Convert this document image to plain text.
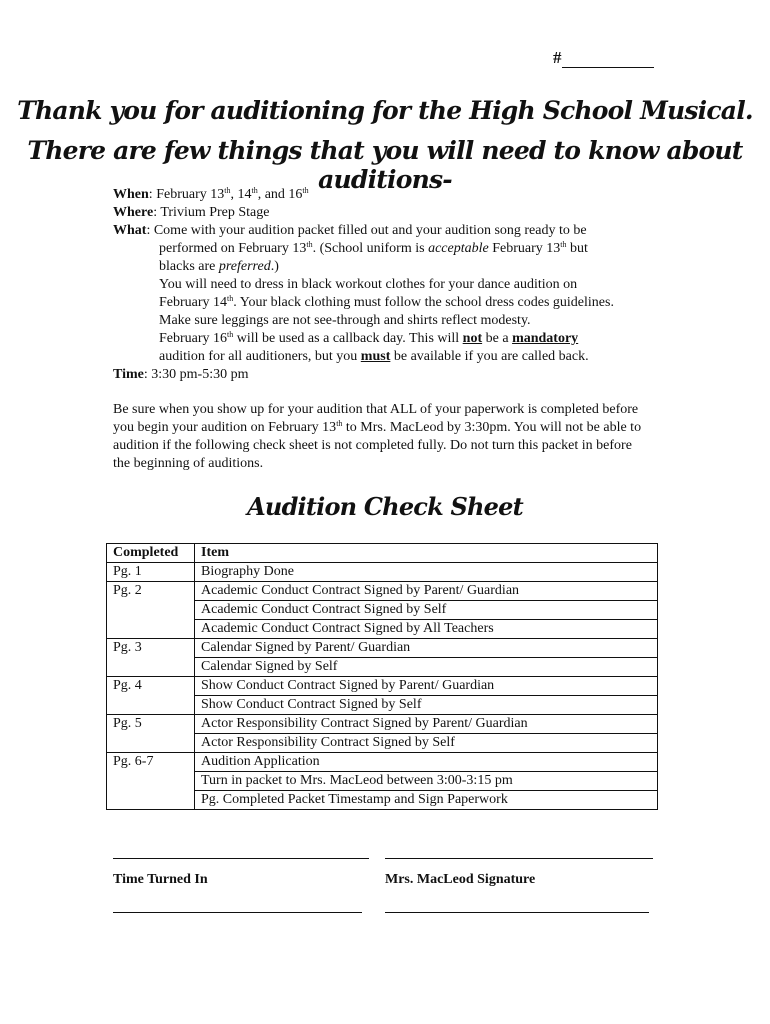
#
Thank you for auditioning for the High School Musical.
There are few things that you will need to know about auditions-

When: February 13th, 14th, and 16th

Where: Trivium Prep Stage

What: Come with your audition packet filled out and your audition song ready to be

performed on February 13th. (School uniform is acceptable February 13th but

blacks are preferred.)

You will need to dress in black workout clothes for your dance audition on

February 14th. Your black clothing must follow the school dress codes guidelines.

Make sure leggings are not see-through and shirts reflect modesty.

February 16th will be used as a callback day. This will not be a mandatory

audition for all auditioners, but you must be available if you are called back.

Time: 3:30 pm-5:30 pm

Be sure when you show up for your audition that ALL of your paperwork is completed before you begin your audition on February 13th to Mrs. MacLeod by 3:30pm. You will not be able to audition if the following check sheet is not completed fully. Do not turn this packet in before the beginning of auditions.
Audition Check Sheet
Completed	Item
Pg. 1	Biography Done
Pg. 2	Academic Conduct Contract Signed by Parent/ Guardian
	Academic Conduct Contract Signed by Self
	Academic Conduct Contract Signed by All Teachers
Pg. 3	Calendar Signed by Parent/ Guardian
	Calendar Signed by Self
Pg. 4	Show Conduct Contract Signed by Parent/ Guardian
	Show Conduct Contract Signed by Self
Pg. 5	Actor Responsibility Contract Signed by Parent/ Guardian
	Actor Responsibility Contract Signed by Self
Pg. 6-7	Audition Application
	Turn in packet to Mrs. MacLeod between 3:00-3:15 pm
	Pg. Completed Packet Timestamp and Sign Paperwork
Time Turned In	Mrs. MacLeod Signature
